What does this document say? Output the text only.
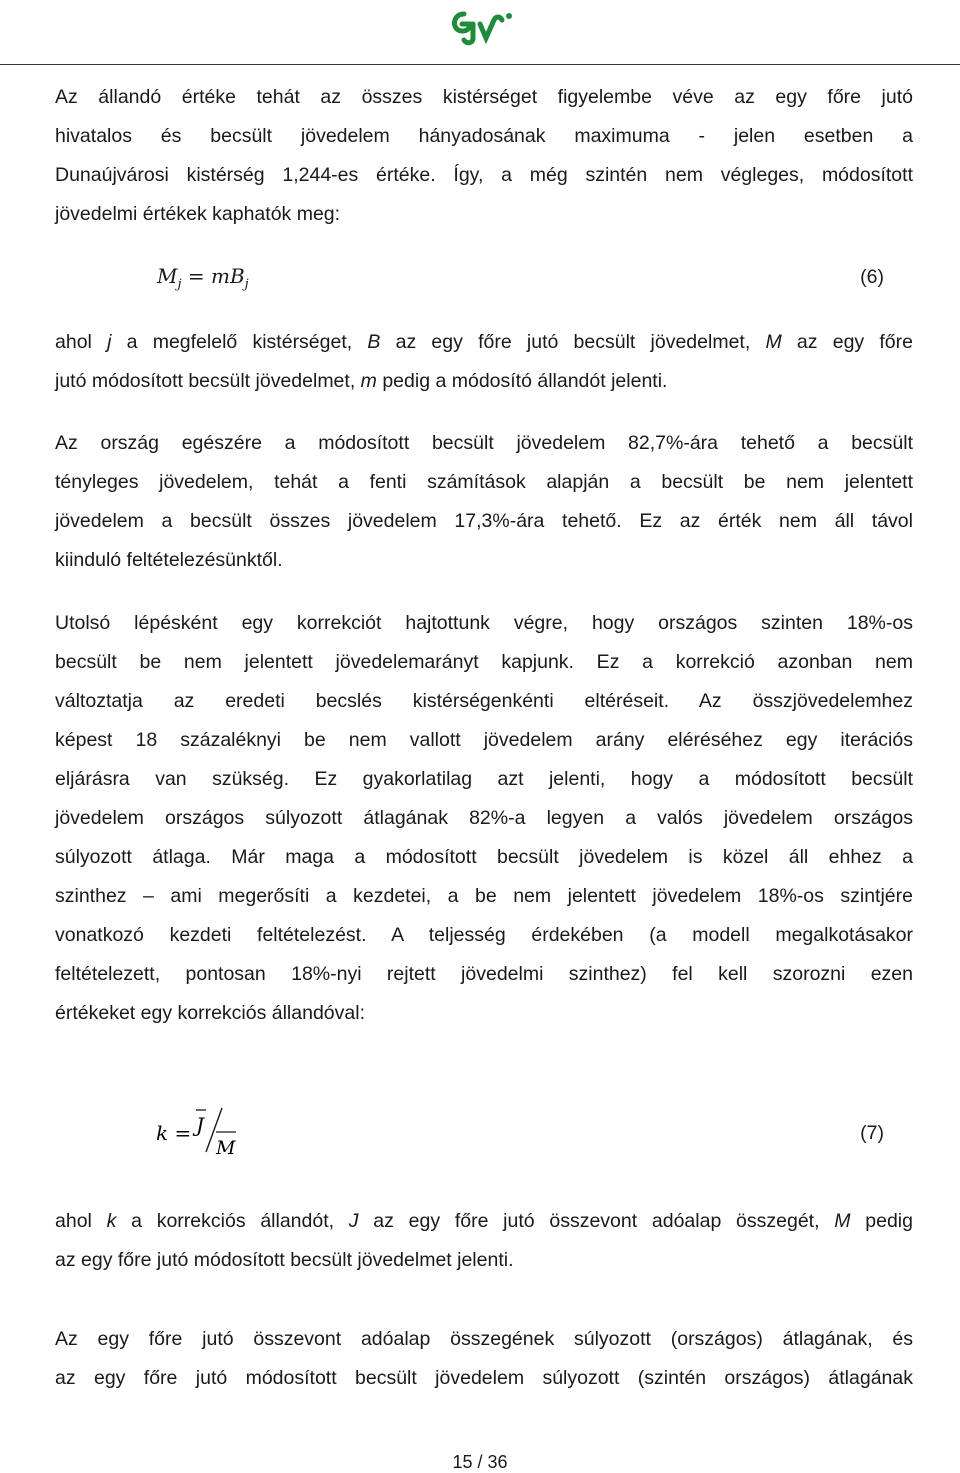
Az állandó értéke tehát az összes kistérséget figyelembe véve az egy főre jutó
hivatalos és becsült jövedelem hányadosának maximuma - jelen esetben a
Dunaújvárosi kistérség 1,244-es értéke. Így, a még szintén nem végleges, módosított
jövedelmi értékek kaphatók meg:

$M_j = mB_j$	(6)

ahol j a megfelelő kistérséget, B az egy főre jutó becsült jövedelmet, M az egy főre
jutó módosított becsült jövedelmet, m pedig a módosító állandót jelenti.

Az ország egészére a módosított becsült jövedelem 82,7%-ára tehető a becsült
tényleges jövedelem, tehát a fenti számítások alapján a becsült be nem jelentett
jövedelem a becsült összes jövedelem 17,3%-ára tehető. Ez az érték nem áll távol
kiinduló feltételezésünktől.

Utolsó lépésként egy korrekciót hajtottunk végre, hogy országos szinten 18%-os
becsült be nem jelentett jövedelemarányt kapjunk. Ez a korrekció azonban nem
változtatja az eredeti becslés kistérségenkénti eltéréseit. Az összjövedelemhez
képest 18 százaléknyi be nem vallott jövedelem arány eléréséhez egy iterációs
eljárásra van szükség. Ez gyakorlatilag azt jelenti, hogy a módosított becsült
jövedelem országos súlyozott átlagának 82%-a legyen a valós jövedelem országos
súlyozott átlaga. Már maga a módosított becsült jövedelem is közel áll ehhez a
szinthez – ami megerősíti a kezdetei, a be nem jelentett jövedelem 18%-os szintjére
vonatkozó kezdeti feltételezést. A teljesség érdekében (a modell megalkotásakor
feltételezett, pontosan 18%-nyi rejtett jövedelmi szinthez) fel kell szorozni ezen
értékeket egy korrekciós állandóval:

k = J
M
(7)

ahol k a korrekciós állandót, J az egy főre jutó összevont adóalap összegét, M pedig
az egy főre jutó módosított becsült jövedelmet jelenti.

Az egy főre jutó összevont adóalap összegének súlyozott (országos) átlagának, és
az egy főre jutó módosított becsült jövedelem súlyozott (szintén országos) átlagának

15 / 36
